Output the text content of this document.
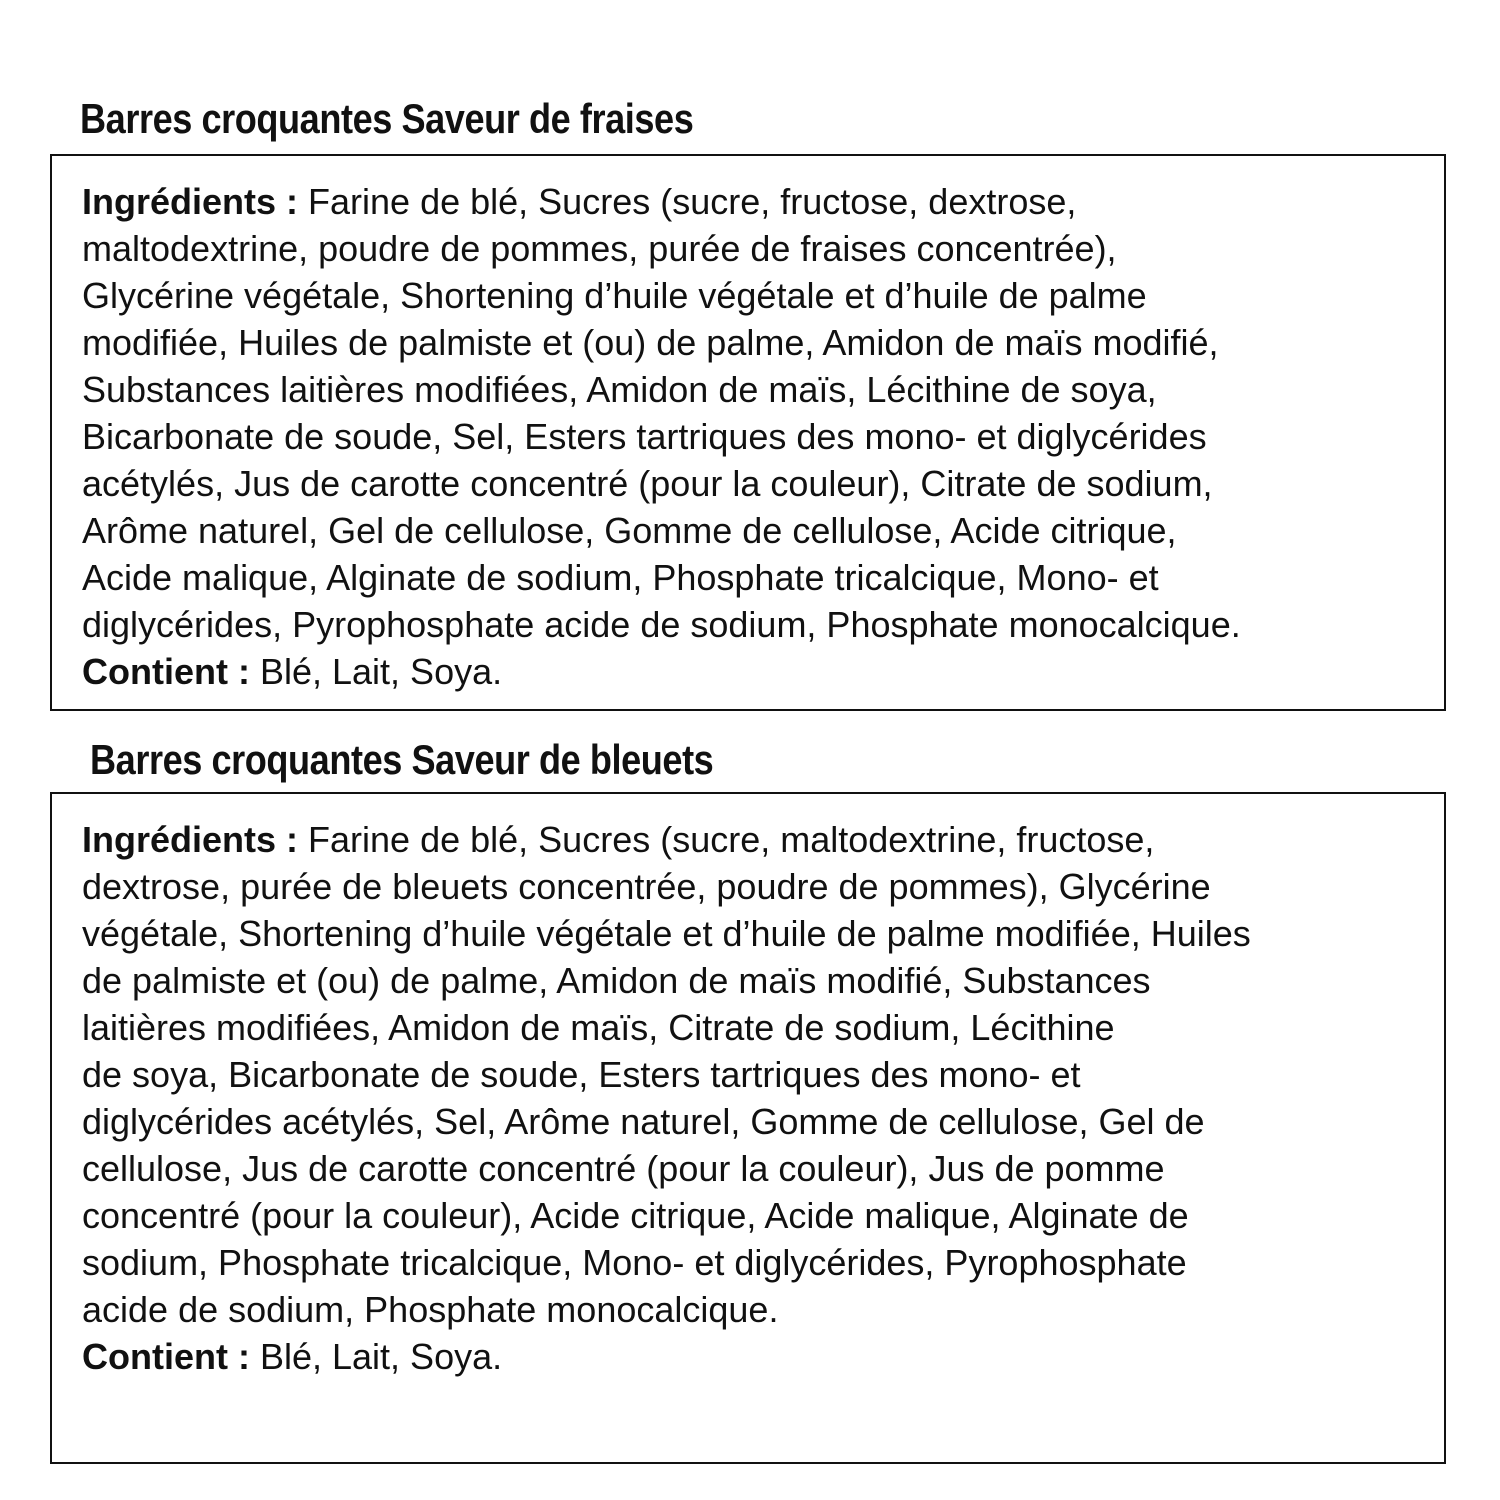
Barres croquantes Saveur de fraises

Ingrédients : Farine de blé, Sucres (sucre, fructose, dextrose,
maltodextrine, poudre de pommes, purée de fraises concentrée),
Glycérine végétale, Shortening d’huile végétale et d’huile de palme
modifiée, Huiles de palmiste et (ou) de palme, Amidon de maïs modifié,
Substances laitières modifiées, Amidon de maïs, Lécithine de soya,
Bicarbonate de soude, Sel, Esters tartriques des mono- et diglycérides
acétylés, Jus de carotte concentré (pour la couleur), Citrate de sodium,
Arôme naturel, Gel de cellulose, Gomme de cellulose, Acide citrique,
Acide malique, Alginate de sodium, Phosphate tricalcique, Mono- et
diglycérides, Pyrophosphate acide de sodium, Phosphate monocalcique.

Contient : Blé, Lait, Soya.

Barres croquantes Saveur de bleuets

Ingrédients : Farine de blé, Sucres (sucre, maltodextrine, fructose,
dextrose, purée de bleuets concentrée, poudre de pommes), Glycérine
végétale, Shortening d’huile végétale et d’huile de palme modifiée, Huiles
de palmiste et (ou) de palme, Amidon de maïs modifié, Substances
laitières modifiées, Amidon de maïs, Citrate de sodium, Lécithine
de soya, Bicarbonate de soude, Esters tartriques des mono- et
diglycérides acétylés, Sel, Arôme naturel, Gomme de cellulose, Gel de
cellulose, Jus de carotte concentré (pour la couleur), Jus de pomme
concentré (pour la couleur), Acide citrique, Acide malique, Alginate de
sodium, Phosphate tricalcique, Mono- et diglycérides, Pyrophosphate
acide de sodium, Phosphate monocalcique.

Contient : Blé, Lait, Soya.
